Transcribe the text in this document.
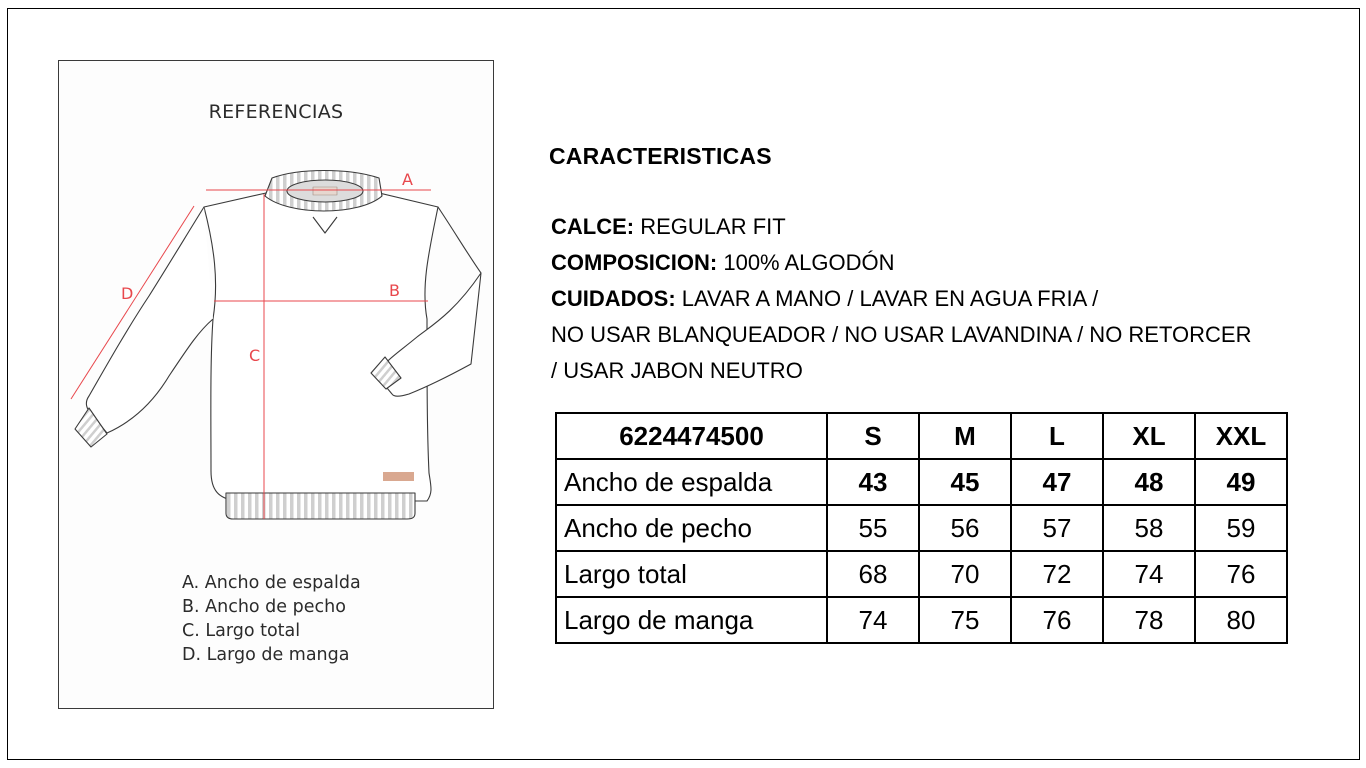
REFERENCIAS
A
B
C
D
A. Ancho de espalda
B. Ancho de pecho
C. Largo total
D. Largo de manga
CARACTERISTICAS
CALCE: REGULAR FIT
COMPOSICION: 100% ALGODÓN
CUIDADOS: LAVAR A MANO / LAVAR EN AGUA FRIA /
NO USAR BLANQUEADOR / NO USAR LAVANDINA / NO RETORCER
/ USAR JABON NEUTRO
6224474500	S	M	L	XL	XXL
Ancho de espalda	43	45	47	48	49
Ancho de pecho	55	56	57	58	59
Largo total	68	70	72	74	76
Largo de manga	74	75	76	78	80
